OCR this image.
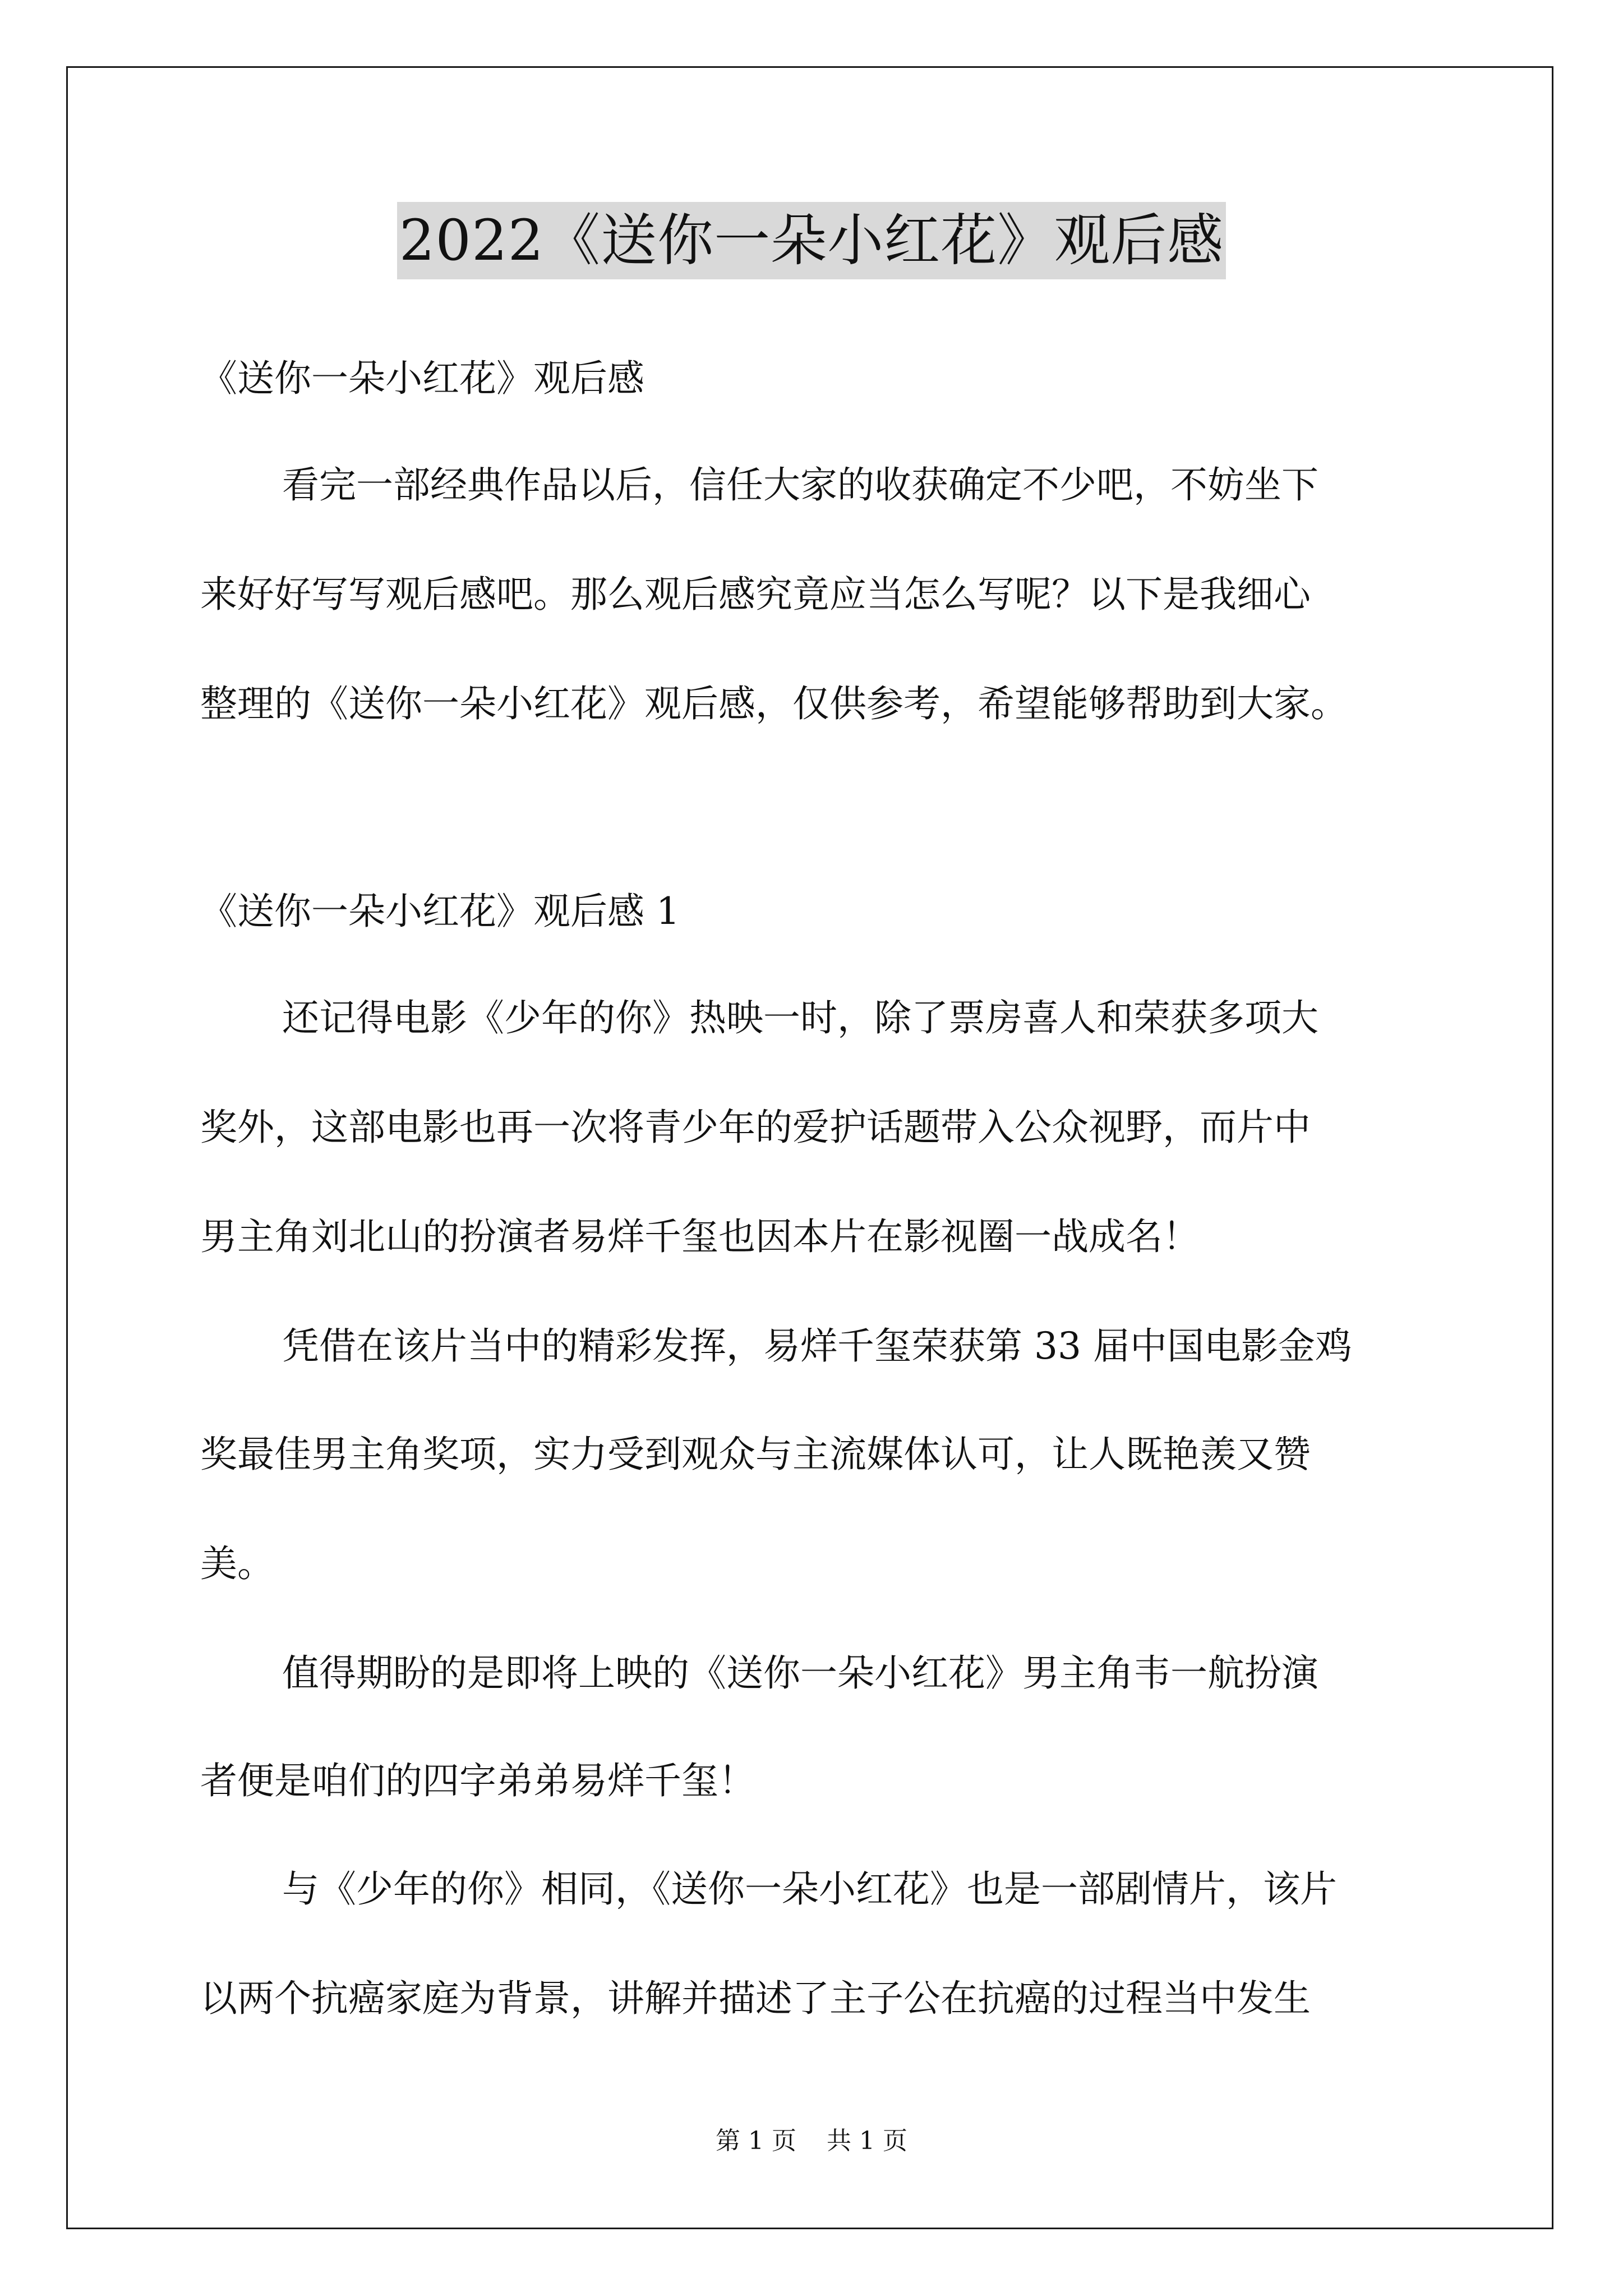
2022《送你一朵小红花》观后感
《送你一朵小红花》观后感
看完一部经典作品以后，信任大家的收获确定不少吧，不妨坐下
来好好写写观后感吧。那么观后感究竟应当怎么写呢？以下是我细心
整理的《送你一朵小红花》观后感，仅供参考，希望能够帮助到大家。
《送你一朵小红花》观后感 1
还记得电影《少年的你》热映一时，除了票房喜人和荣获多项大
奖外，这部电影也再一次将青少年的爱护话题带入公众视野，而片中
男主角刘北山的扮演者易烊千玺也因本片在影视圈一战成名！
凭借在该片当中的精彩发挥，易烊千玺荣获第 33 届中国电影金鸡
奖最佳男主角奖项，实力受到观众与主流媒体认可，让人既艳羡又赞
美。
值得期盼的是即将上映的《送你一朵小红花》男主角韦一航扮演
者便是咱们的四字弟弟易烊千玺！
与《少年的你》相同，《送你一朵小红花》也是一部剧情片，该片
以两个抗癌家庭为背景，讲解并描述了主子公在抗癌的过程当中发生
第 1 页 共 1 页
